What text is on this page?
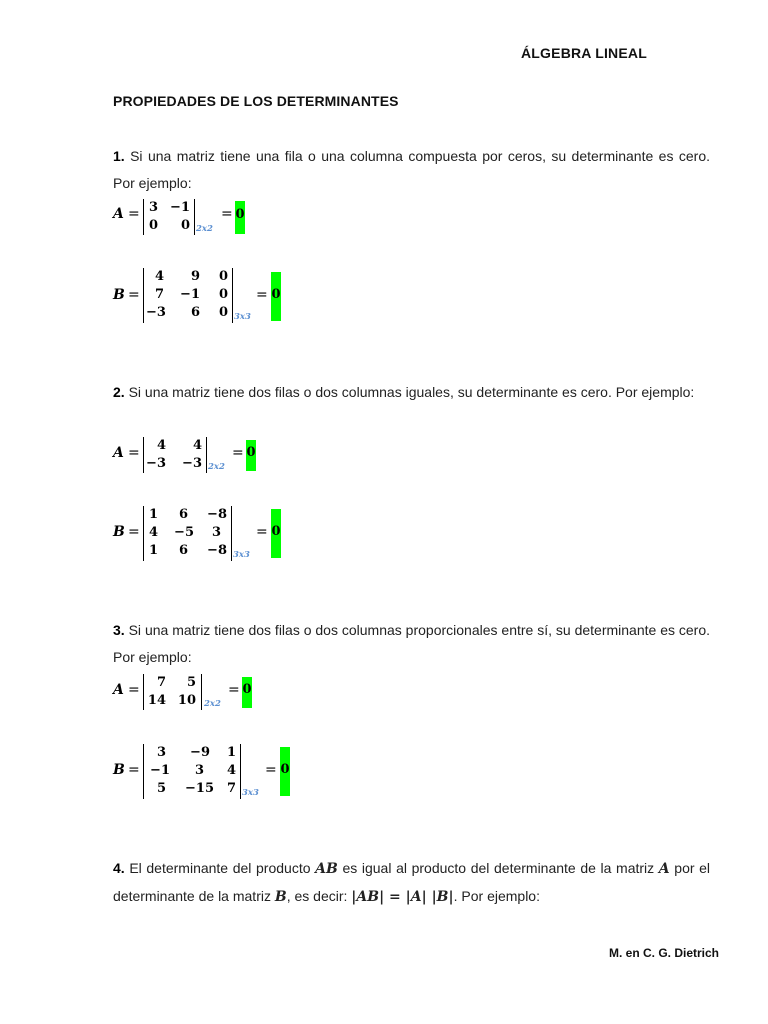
ÁLGEBRA LINEAL
PROPIEDADES DE LOS DETERMINANTES
1. Si una matriz tiene una fila o una columna compuesta por ceros, su determinante es cero. Por ejemplo:
A = 3 −1
0	0 2x2
= 0
B =
4	9	0
7	−1	0
−3	6	0 3x3
= 0
2. Si una matriz tiene dos filas o dos columnas iguales, su determinante es cero. Por ejemplo:
A =	4	4
−3	−3 2x2
= 0
B =
1	6	−8
4	−5	3
1	6	−8 3x3
= 0
3. Si una matriz tiene dos filas o dos columnas proporcionales entre sí, su determinante es cero. Por ejemplo:
A =	7	5
14 10 2x2
= 0
B =
3	−9	1
−1	3	4
5	−15 7 3x3
= 0
4. El determinante del producto AB es igual al producto del determinante de la matriz A por el determinante de la matriz B, es decir: |AB| = |A| |B|. Por ejemplo:
M. en C. G. Dietrich
